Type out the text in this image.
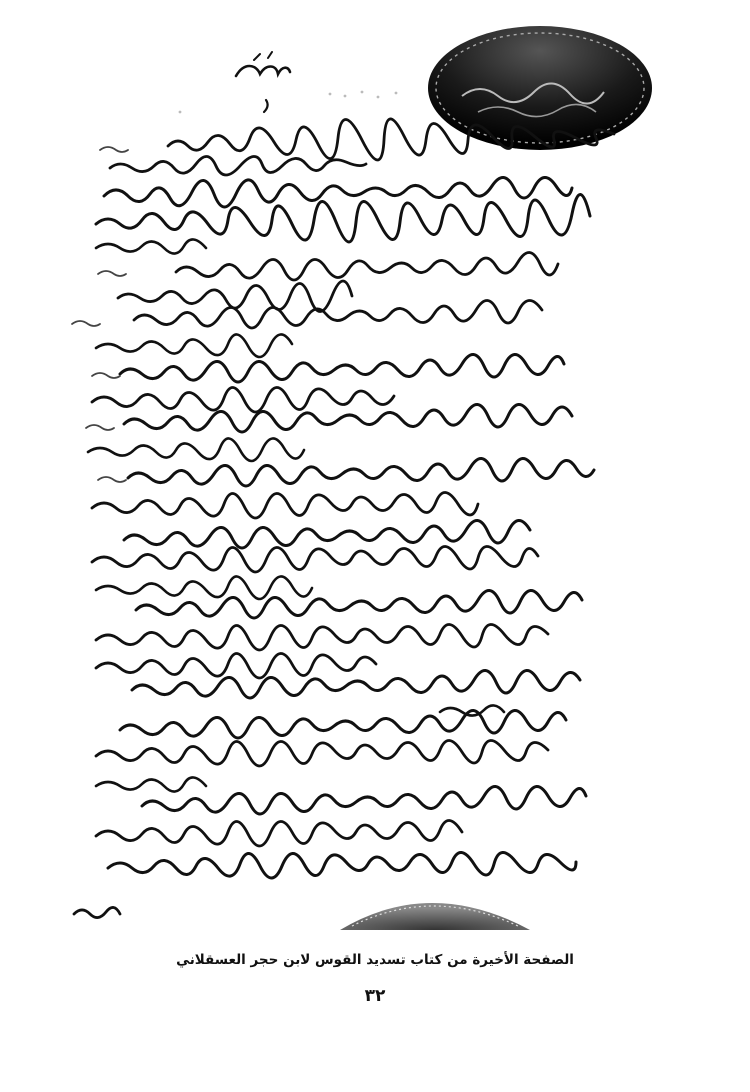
الصفحة الأخيرة من كتاب تسديد القوس لابن حجر العسقلاني
٣٢
